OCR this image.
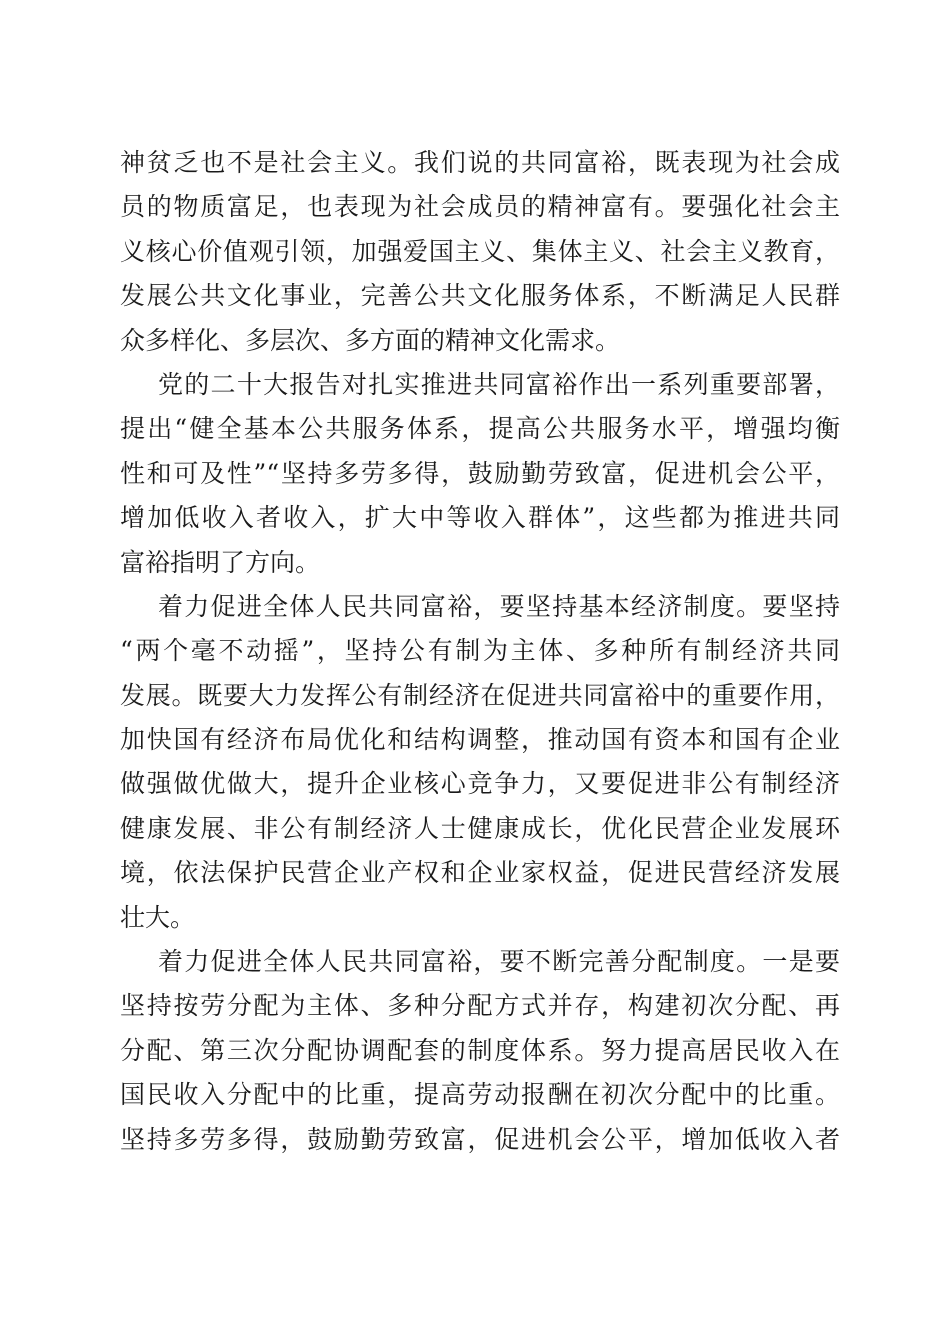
神贫乏也不是社会主义。我们说的共同富裕，既表现为社会成
员的物质富足，也表现为社会成员的精神富有。要强化社会主
义核心价值观引领，加强爱国主义、集体主义、社会主义教育，
发展公共文化事业，完善公共文化服务体系，不断满足人民群
众多样化、多层次、多方面的精神文化需求。
党的二十大报告对扎实推进共同富裕作出一系列重要部署，
提出“健全基本公共服务体系，提高公共服务水平，增强均衡
性和可及性”“坚持多劳多得，鼓励勤劳致富，促进机会公平，
增加低收入者收入，扩大中等收入群体”，这些都为推进共同
富裕指明了方向。
着力促进全体人民共同富裕，要坚持基本经济制度。要坚持
“两个毫不动摇”，坚持公有制为主体、多种所有制经济共同
发展。既要大力发挥公有制经济在促进共同富裕中的重要作用，
加快国有经济布局优化和结构调整，推动国有资本和国有企业
做强做优做大，提升企业核心竞争力，又要促进非公有制经济
健康发展、非公有制经济人士健康成长，优化民营企业发展环
境，依法保护民营企业产权和企业家权益，促进民营经济发展
壮大。
着力促进全体人民共同富裕，要不断完善分配制度。一是要
坚持按劳分配为主体、多种分配方式并存，构建初次分配、再
分配、第三次分配协调配套的制度体系。努力提高居民收入在
国民收入分配中的比重，提高劳动报酬在初次分配中的比重。
坚持多劳多得，鼓励勤劳致富，促进机会公平，增加低收入者
